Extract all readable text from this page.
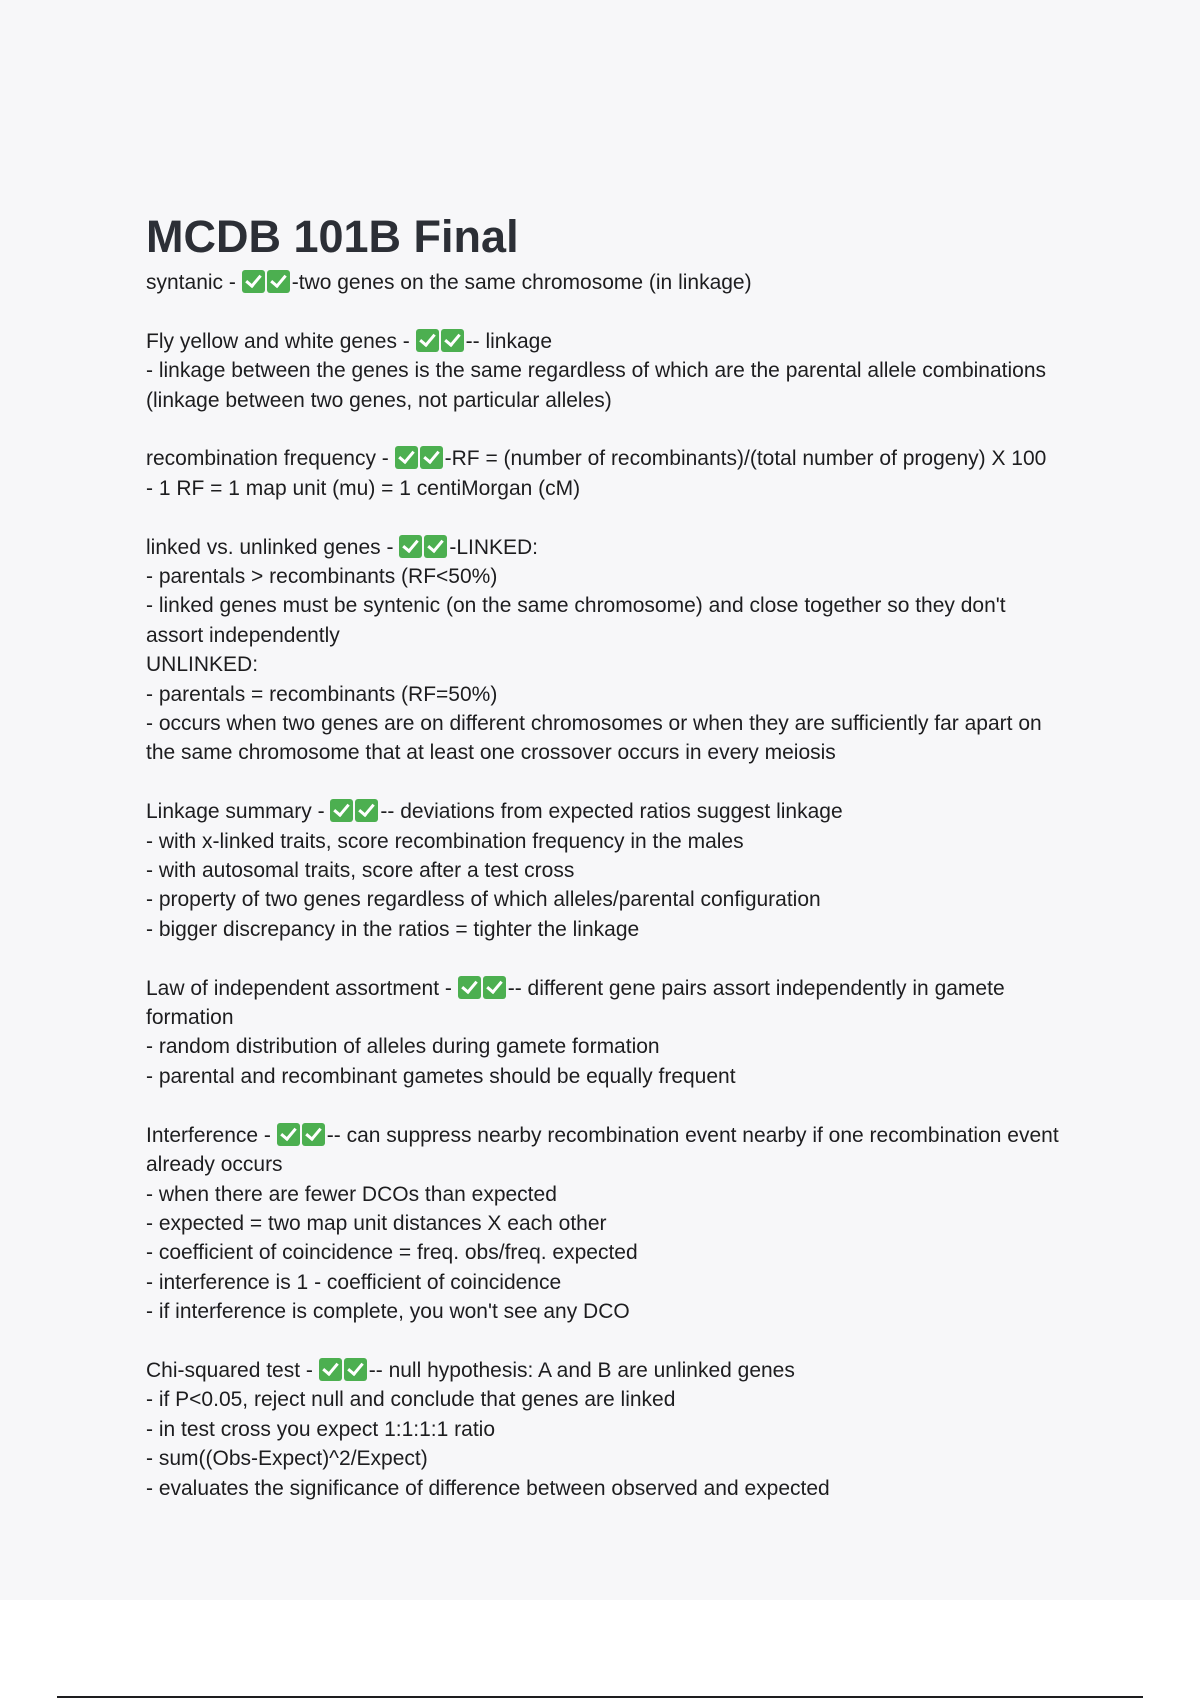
MCDB 101B Final
syntanic - -two genes on the same chromosome (in linkage)
Fly yellow and white genes - -- linkage
- linkage between the genes is the same regardless of which are the parental allele combinations (linkage between two genes, not particular alleles)
recombination frequency - -RF = (number of recombinants)/(total number of progeny) X 100
- 1 RF = 1 map unit (mu) = 1 centiMorgan (cM)
linked vs. unlinked genes - -LINKED:
- parentals > recombinants (RF<50%)
- linked genes must be syntenic (on the same chromosome) and close together so they don't assort independently
UNLINKED:
- parentals = recombinants (RF=50%)
- occurs when two genes are on different chromosomes or when they are sufficiently far apart on the same chromosome that at least one crossover occurs in every meiosis
Linkage summary - -- deviations from expected ratios suggest linkage
- with x-linked traits, score recombination frequency in the males
- with autosomal traits, score after a test cross
- property of two genes regardless of which alleles/parental configuration
- bigger discrepancy in the ratios = tighter the linkage
Law of independent assortment - -- different gene pairs assort independently in gamete formation
- random distribution of alleles during gamete formation
- parental and recombinant gametes should be equally frequent
Interference - -- can suppress nearby recombination event nearby if one recombination event already occurs
- when there are fewer DCOs than expected
- expected = two map unit distances X each other
- coefficient of coincidence = freq. obs/freq. expected
- interference is 1 - coefficient of coincidence
- if interference is complete, you won't see any DCO
Chi-squared test - -- null hypothesis: A and B are unlinked genes
- if P<0.05, reject null and conclude that genes are linked
- in test cross you expect 1:1:1:1 ratio
- sum((Obs-Expect)^2/Expect)
- evaluates the significance of difference between observed and expected
